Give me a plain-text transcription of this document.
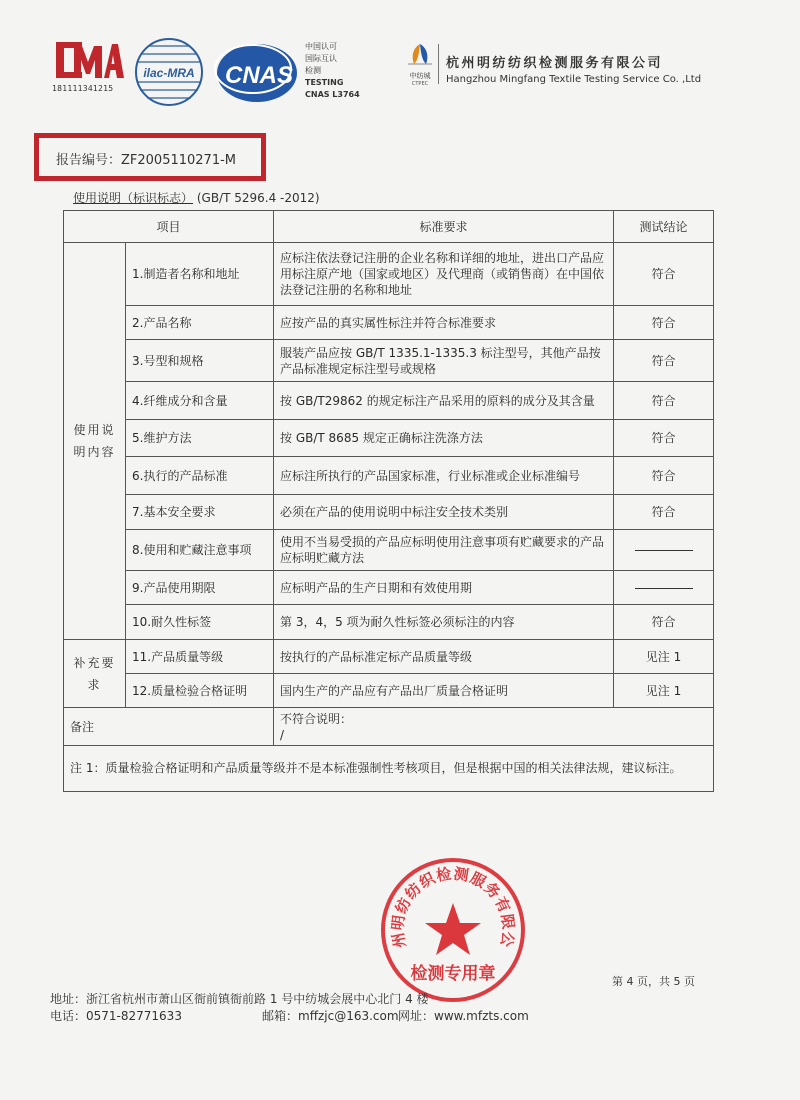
181111341215
ilac-MRA CNAS
中国认可
国际互认
检测
TESTING
CNAS L3764
中纺城
CTPEC
杭州明纺纺织检测服务有限公司
Hangzhou Mingfang Textile Testing Service Co. ,Ltd
报告编号：ZF2005110271-M
使用说明（标识标志） (GB/T 5296.4 -2012)
项目		标准要求	测试结论
使用说明内容	1.制造者名称和地址	应标注依法登记注册的企业名称和详细的地址，进出口产品应用标注原产地（国家或地区）及代理商（或销售商）在中国依法登记注册的名称和地址	符合
	2.产品名称	应按产品的真实属性标注并符合标准要求	符合
	3.号型和规格	服装产品应按 GB/T 1335.1-1335.3 标注型号，其他产品按产品标准规定标注型号或规格	符合
	4.纤维成分和含量	按 GB/T29862 的规定标注产品采用的原料的成分及其含量	符合
	5.维护方法	按 GB/T 8685 规定正确标注洗涤方法	符合
	6.执行的产品标准	应标注所执行的产品国家标准，行业标准或企业标准编号	符合
	7.基本安全要求	必须在产品的使用说明中标注安全技术类别	符合
	8.使用和贮藏注意事项	使用不当易受损的产品应标明使用注意事项有贮藏要求的产品应标明贮藏方法	
	9.产品使用期限	应标明产品的生产日期和有效使用期	
	10.耐久性标签	第 3，4，5 项为耐久性标签必须标注的内容	符合
补充要求	11.产品质量等级	按执行的产品标准定标产品质量等级	见注 1
	12.质量检验合格证明	国内生产的产品应有产品出厂质量合格证明	见注 1
备注		不符合说明：
/	

注 1：质量检验合格证明和产品质量等级并不是本标准强制性考核项目，但是根据中国的相关法律法规，建议标注。			
州明纺纺织检测服务有限公
检测专用章	第 4 页，共 5 页
地址：浙江省杭州市萧山区衙前镇衙前路 1 号中纺城会展中心北门 4 楼
电话：0571-82771633	邮箱：mffzjc@163.com网址：www.mfzts.com
